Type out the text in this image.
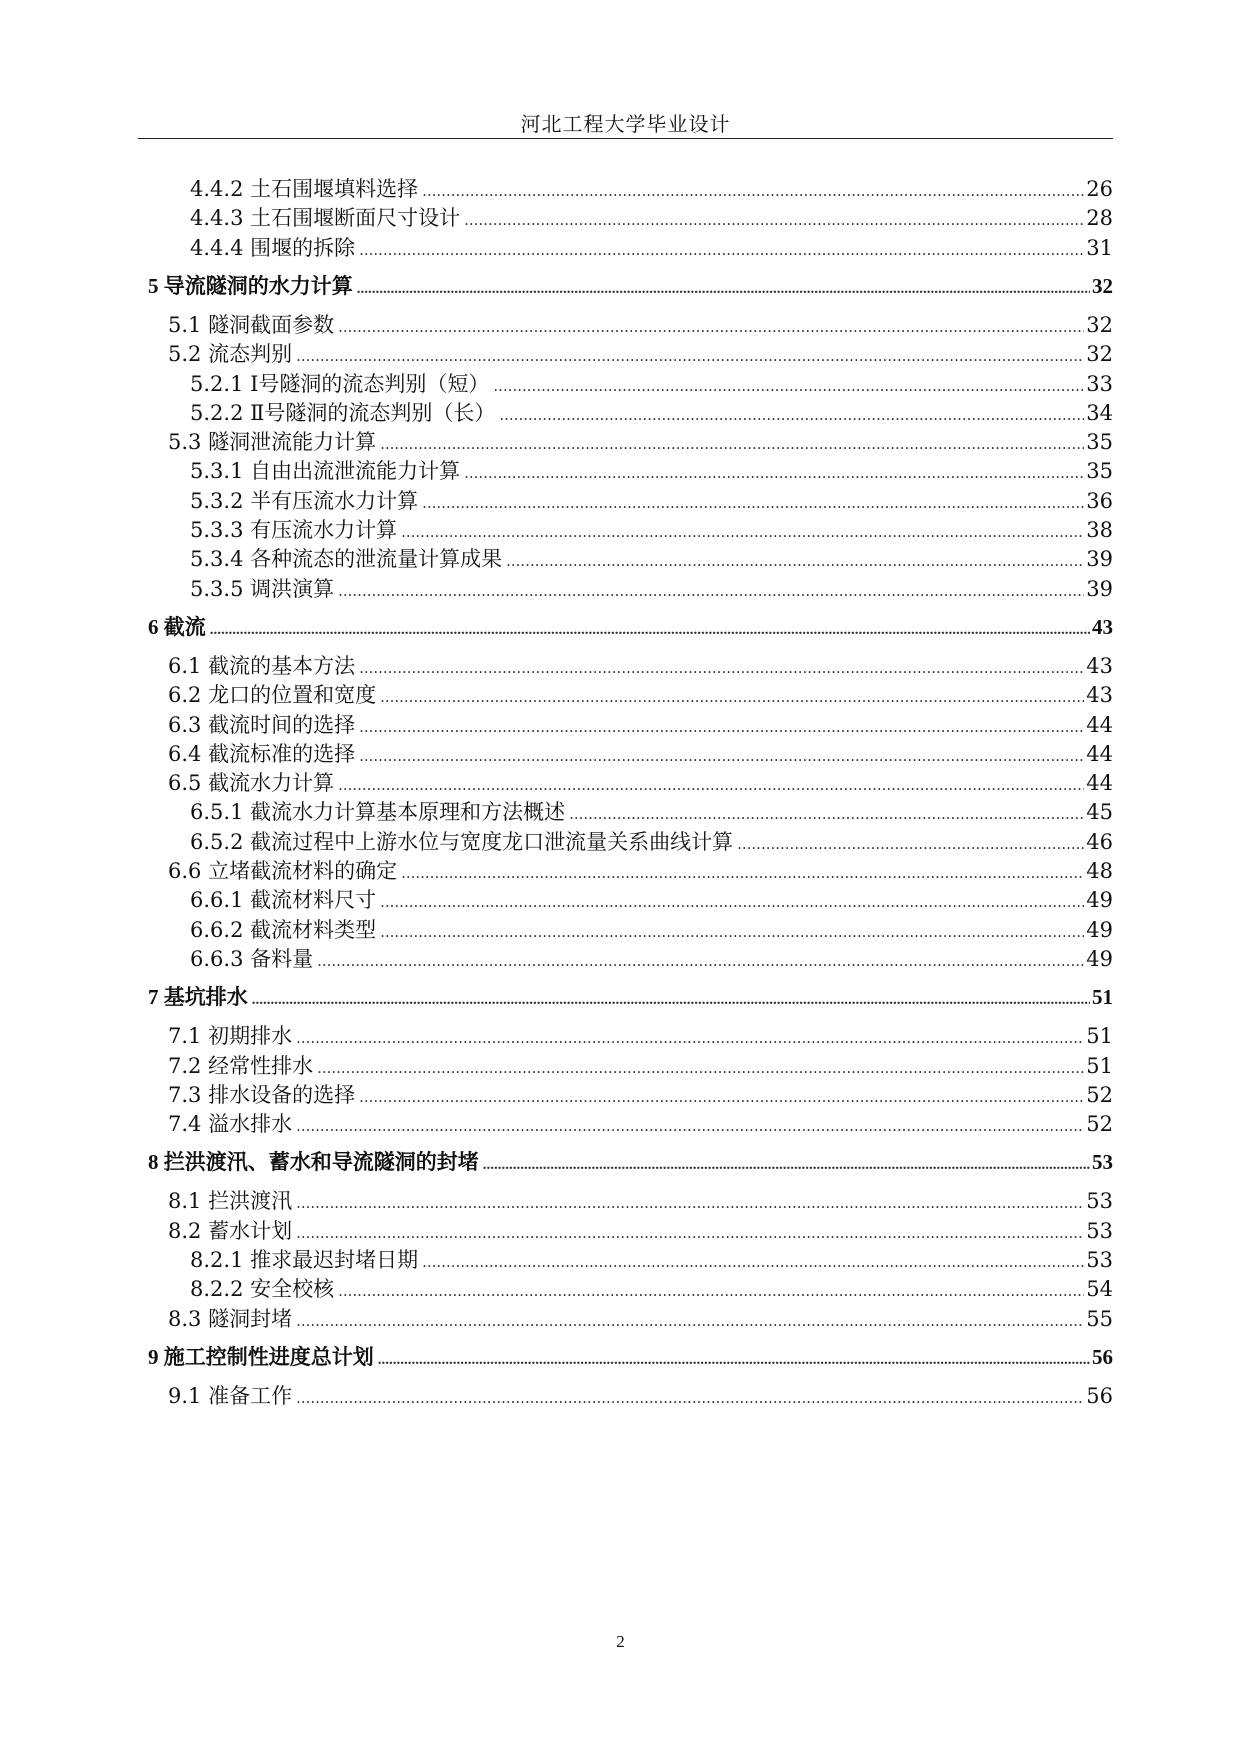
河北工程大学毕业设计
4.4.2 土石围堰填料选择 .....	26
4.4.3 土石围堰断面尺寸设计 .....	28
4.4.4 围堰的拆除 .....	31
5 导流隧洞的水力计算 .....	32
5.1 隧洞截面参数 .....	32
5.2 流态判别 .....	32
5.2.1 Ⅰ号隧洞的流态判别（短） .....	33
5.2.2 Ⅱ号隧洞的流态判别（长） .....	34
5.3 隧洞泄流能力计算 .....	35
5.3.1 自由出流泄流能力计算 .....	35
5.3.2 半有压流水力计算 .....	36
5.3.3 有压流水力计算 .....	38
5.3.4 各种流态的泄流量计算成果 .....	39
5.3.5 调洪演算 .....	39
6 截流 .....	43
6.1 截流的基本方法 .....	43
6.2 龙口的位置和宽度 .....	43
6.3 截流时间的选择 .....	44
6.4 截流标准的选择 .....	44
6.5 截流水力计算 .....	44
6.5.1 截流水力计算基本原理和方法概述 .....	45
6.5.2 截流过程中上游水位与宽度龙口泄流量关系曲线计算 .....	46
6.6 立堵截流材料的确定 .....	48
6.6.1 截流材料尺寸 .....	49
6.6.2 截流材料类型 .....	49
6.6.3 备料量 .....	49
7 基坑排水 .....	51
7.1 初期排水 .....	51
7.2 经常性排水 .....	51
7.3 排水设备的选择 .....	52
7.4 溢水排水 .....	52
8 拦洪渡汛、蓄水和导流隧洞的封堵 .....	53
8.1 拦洪渡汛 .....	53
8.2 蓄水计划 .....	53
8.2.1 推求最迟封堵日期 .....	53
8.2.2 安全校核 .....	54
8.3 隧洞封堵 .....	55
9 施工控制性进度总计划 .....	56
9.1 准备工作 .....	56
2
